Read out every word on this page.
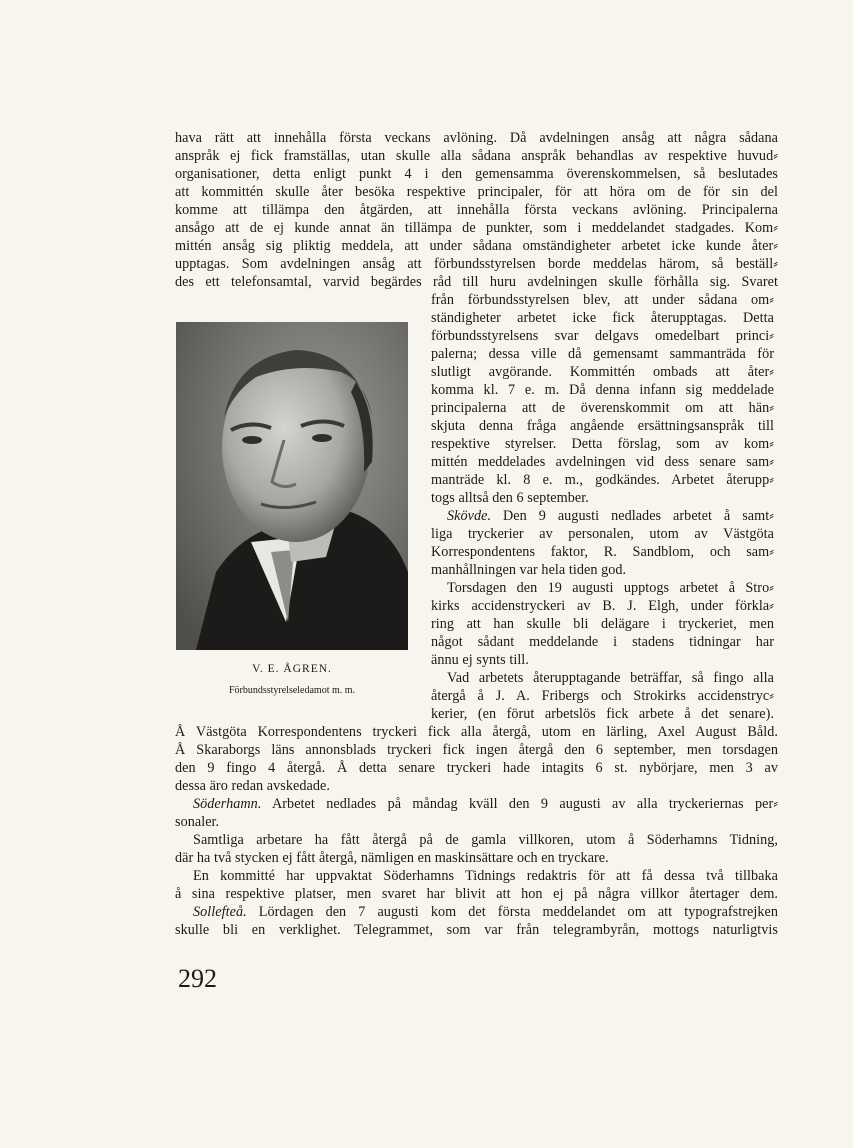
hava rätt att innehålla första veckans avlöning. Då avdelningen ansåg att några sådana
anspråk ej fick framställas, utan skulle alla sådana anspråk behandlas av respektive huvud⸗
organisationer, detta enligt punkt 4 i den gemensamma överenskommelsen, så beslutades
att kommittén skulle åter besöka respektive principaler, för att höra om de för sin del
komme att tillämpa den åtgärden, att innehålla första veckans avlöning. Principalerna
ansågo att de ej kunde annat än tillämpa de punkter, som i meddelandet stadgades. Kom⸗
mittén ansåg sig pliktig meddela, att under sådana omständigheter arbetet icke kunde åter⸗
upptagas. Som avdelningen ansåg att förbundsstyrelsen borde meddelas härom, så beställ⸗
des ett telefonsamtal, varvid begärdes råd till huru avdelningen skulle förhålla sig. Svaret
från förbundsstyrelsen blev, att under sådana om⸗
ständigheter arbetet icke fick återupptagas. Detta
förbundsstyrelsens svar delgavs omedelbart princi⸗
palerna; dessa ville då gemensamt sammanträda för
slutligt avgörande. Kommittén ombads att åter⸗
komma kl. 7 e. m. Då denna infann sig meddelade
principalerna att de överenskommit om att hän⸗
skjuta denna fråga angående ersättningsanspråk till
respektive styrelser. Detta förslag, som av kom⸗
mittén meddelades avdelningen vid dess senare sam⸗
manträde kl. 8 e. m., godkändes. Arbetet återupp⸗
togs alltså den 6 september.
Skövde. Den 9 augusti nedlades arbetet å samt⸗
liga tryckerier av personalen, utom av Västgöta
Korrespondentens faktor, R. Sandblom, och sam⸗
manhållningen var hela tiden god.
Torsdagen den 19 augusti upptogs arbetet å Stro⸗
kirks accidenstryckeri av B. J. Elgh, under förkla⸗
ring att han skulle bli delägare i tryckeriet, men
något sådant meddelande i stadens tidningar har
ännu ej synts till.
Vad arbetets återupptagande beträffar, så fingo alla
återgå å J. A. Fribergs och Strokirks accidenstryc⸗
kerier, (en förut arbetslös fick arbete å det senare).
V. E. ÅGREN.
Förbundsstyrelseledamot m. m.
Å Västgöta Korrespondentens tryckeri fick alla återgå, utom en lärling, Axel August Båld.
Å Skaraborgs läns annonsblads tryckeri fick ingen återgå den 6 september, men torsdagen
den 9 fingo 4 återgå. Å detta senare tryckeri hade intagits 6 st. nybörjare, men 3 av
dessa äro redan avskedade.
Söderhamn. Arbetet nedlades på måndag kväll den 9 augusti av alla tryckeriernas per⸗
sonaler.
Samtliga arbetare ha fått återgå på de gamla villkoren, utom å Söderhamns Tidning,
där ha två stycken ej fått återgå, nämligen en maskinsättare och en tryckare.
En kommitté har uppvaktat Söderhamns Tidnings redaktris för att få dessa två tillbaka
å sina respektive platser, men svaret har blivit att hon ej på några villkor återtager dem.
Sollefteå. Lördagen den 7 augusti kom det första meddelandet om att typografstrejken
skulle bli en verklighet. Telegrammet, som var från telegrambyrån, mottogs naturligtvis
292
